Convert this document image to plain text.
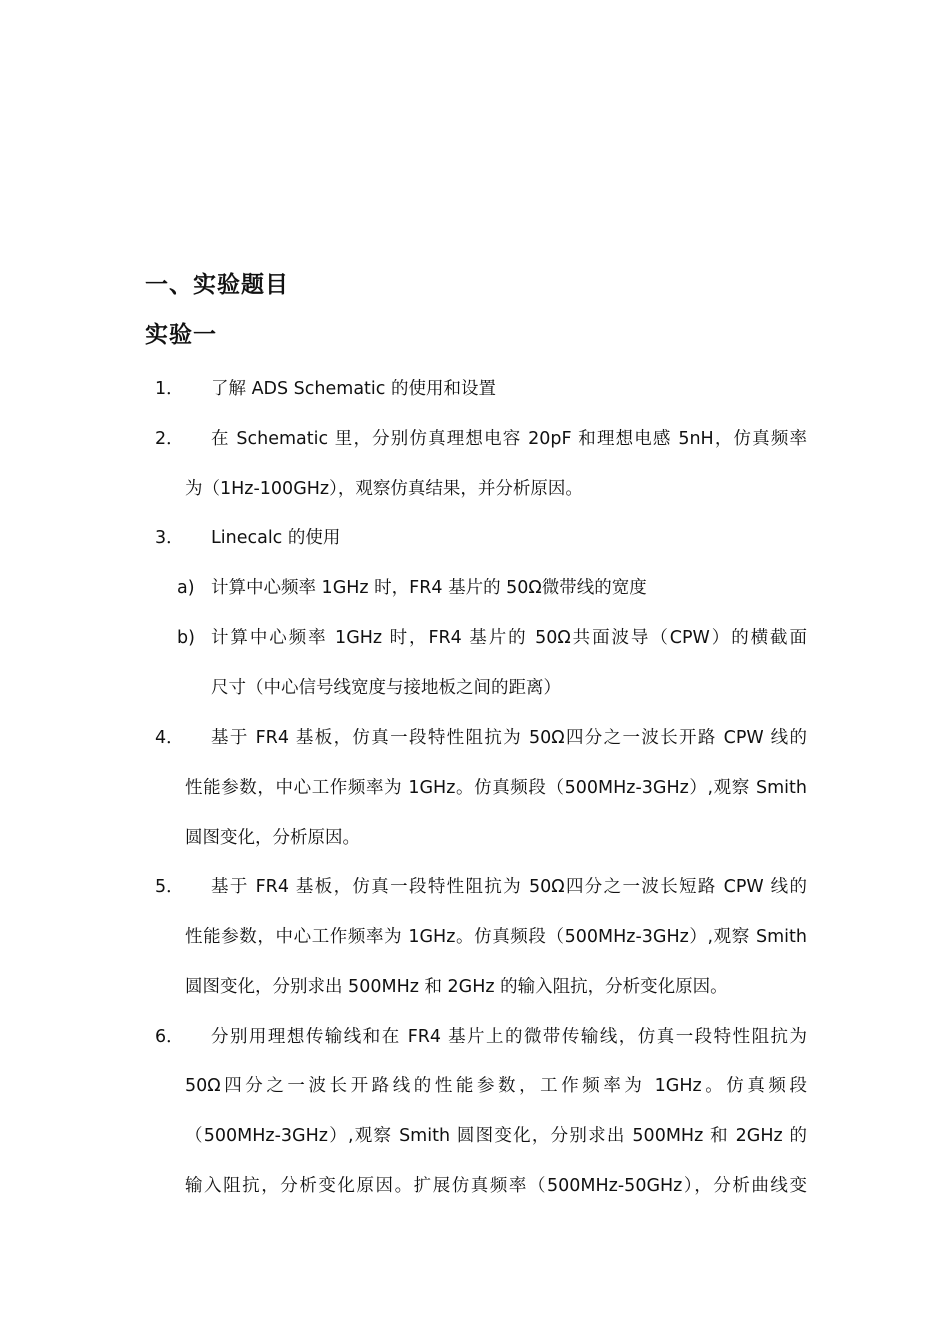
一、实验题目
实验一
1． 了解 ADS Schematic 的使用和设置
2． 在 Schematic 里，分别仿真理想电容 20pF 和理想电感 5nH，仿真频率
为（1Hz-100GHz），观察仿真结果，并分析原因。
3． Linecalc 的使用
a) 计算中心频率 1GHz 时，FR4 基片的 50Ω微带线的宽度
b) 计算中心频率 1GHz 时，FR4 基片的 50Ω共面波导（CPW）的横截面
尺寸（中心信号线宽度与接地板之间的距离）
4． 基于 FR4 基板，仿真一段特性阻抗为 50Ω四分之一波长开路 CPW 线的
性能参数，中心工作频率为 1GHz。仿真频段（500MHz-3GHz）,观察 Smith
圆图变化，分析原因。
5． 基于 FR4 基板，仿真一段特性阻抗为 50Ω四分之一波长短路 CPW 线的
性能参数，中心工作频率为 1GHz。仿真频段（500MHz-3GHz）,观察 Smith
圆图变化，分别求出 500MHz 和 2GHz 的输入阻抗，分析变化原因。
6． 分别用理想传输线和在 FR4 基片上的微带传输线，仿真一段特性阻抗为
50Ω四分之一波长开路线的性能参数，工作频率为 1GHz。仿真频段
（500MHz-3GHz）,观察 Smith 圆图变化，分别求出 500MHz 和 2GHz 的
输入阻抗，分析变化原因。扩展仿真频率（500MHz-50GHz），分析曲线变
